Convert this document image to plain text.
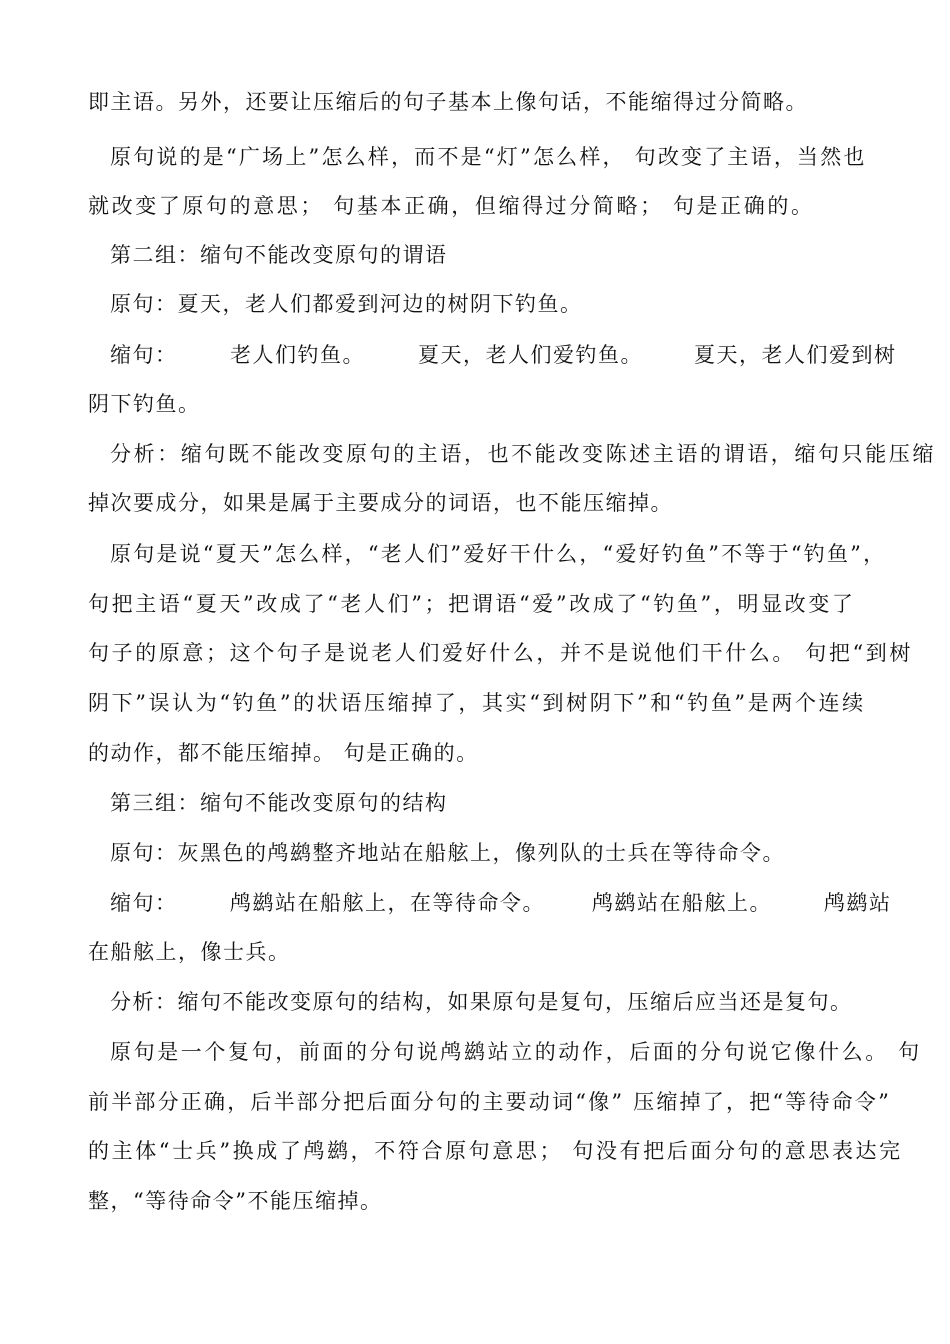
即主语。另外，还要让压缩后的句子基本上像句话，不能缩得过分简略。
原句说的是“广场上”怎么样，而不是“灯”怎么样， 句改变了主语，当然也
就改变了原句的意思； 句基本正确，但缩得过分简略； 句是正确的。
第二组：缩句不能改变原句的谓语
原句：夏天，老人们都爱到河边的树阴下钓鱼。
缩句：	老人们钓鱼。	夏天，老人们爱钓鱼。 夏天，老人们爱到树
阴下钓鱼。
分析：缩句既不能改变原句的主语，也不能改变陈述主语的谓语，缩句只能压缩
掉次要成分，如果是属于主要成分的词语，也不能压缩掉。
原句是说“夏天”怎么样，“老人们”爱好干什么，“爱好钓鱼”不等于“钓鱼”，
句把主语“夏天”改成了“老人们”；把谓语“爱”改成了“钓鱼”，明显改变了
句子的原意；这个句子是说老人们爱好什么，并不是说他们干什么。 句把“到树
阴下”误认为“钓鱼”的状语压缩掉了，其实“到树阴下”和“钓鱼”是两个连续
的动作，都不能压缩掉。 句是正确的。
第三组：缩句不能改变原句的结构
原句：灰黑色的鸬鹚整齐地站在船舷上，像列队的士兵在等待命令。
缩句：	鸬鹚站在船舷上，在等待命令。 鸬鹚站在船舷上。 鸬鹚站
在船舷上，像士兵。
分析：缩句不能改变原句的结构，如果原句是复句，压缩后应当还是复句。
原句是一个复句，前面的分句说鸬鹚站立的动作，后面的分句说它像什么。 句
前半部分正确，后半部分把后面分句的主要动词“像” 压缩掉了，把“等待命令”
的主体“士兵”换成了鸬鹚，不符合原句意思； 句没有把后面分句的意思表达完
整，“等待命令”不能压缩掉。
